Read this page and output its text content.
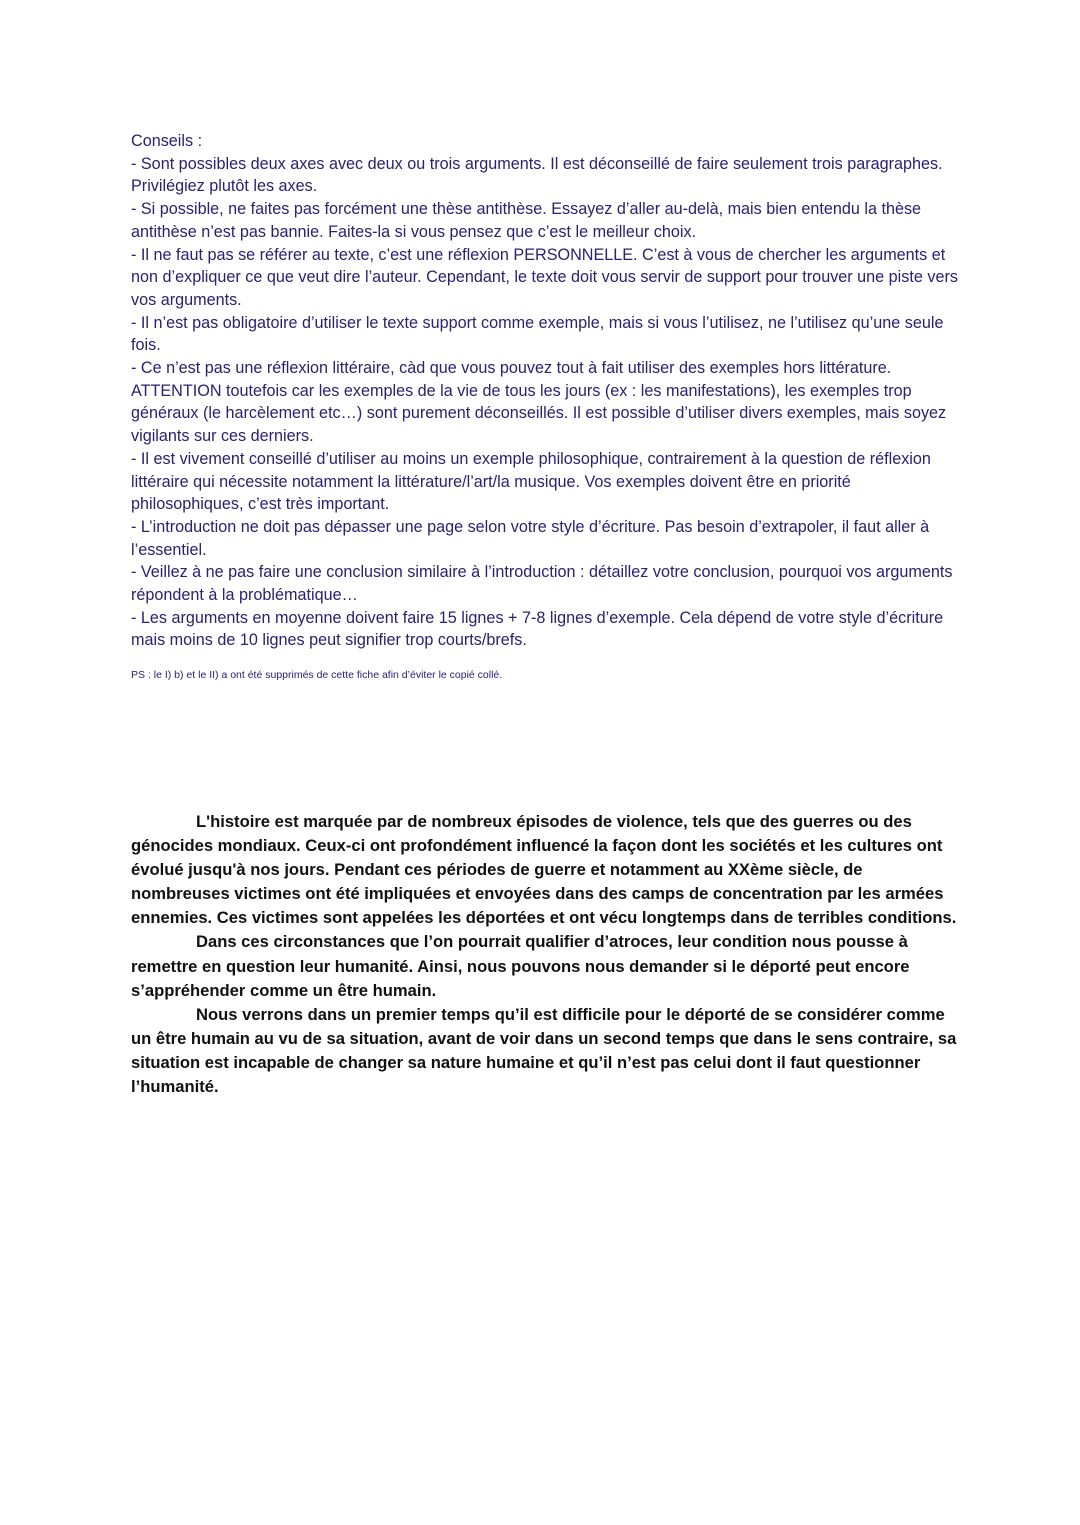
Conseils :

- Sont possibles deux axes avec deux ou trois arguments. Il est déconseillé de faire seulement trois paragraphes. Privilégiez plutôt les axes.

- Si possible, ne faites pas forcément une thèse antithèse. Essayez d’aller au-delà, mais bien entendu la thèse antithèse n’est pas bannie. Faites-la si vous pensez que c’est le meilleur choix.

- Il ne faut pas se référer au texte, c’est une réflexion PERSONNELLE. C’est à vous de chercher les arguments et non d’expliquer ce que veut dire l’auteur. Cependant, le texte doit vous servir de support pour trouver une piste vers vos arguments.

- Il n’est pas obligatoire d’utiliser le texte support comme exemple, mais si vous l’utilisez, ne l’utilisez qu’une seule fois.

- Ce n’est pas une réflexion littéraire, càd que vous pouvez tout à fait utiliser des exemples hors littérature. ATTENTION toutefois car les exemples de la vie de tous les jours (ex : les manifestations), les exemples trop généraux (le harcèlement etc…) sont purement déconseillés. Il est possible d’utiliser divers exemples, mais soyez vigilants sur ces derniers.

- Il est vivement conseillé d’utiliser au moins un exemple philosophique, contrairement à la question de réflexion littéraire qui nécessite notamment la littérature/l’art/la musique. Vos exemples doivent être en priorité philosophiques, c’est très important.

- L’introduction ne doit pas dépasser une page selon votre style d’écriture. Pas besoin d’extrapoler, il faut aller à l’essentiel.

- Veillez à ne pas faire une conclusion similaire à l’introduction : détaillez votre conclusion, pourquoi vos arguments répondent à la problématique…

- Les arguments en moyenne doivent faire 15 lignes + 7-8 lignes d’exemple. Cela dépend de votre style d’écriture mais moins de 10 lignes peut signifier trop courts/brefs.

PS : le I) b) et le II) a ont été supprimés de cette fiche afin d’éviter le copié collé.

L'histoire est marquée par de nombreux épisodes de violence, tels que des guerres ou des génocides mondiaux. Ceux-ci ont profondément influencé la façon dont les sociétés et les cultures ont évolué jusqu'à nos jours. Pendant ces périodes de guerre et notamment au XXème siècle, de nombreuses victimes ont été impliquées et envoyées dans des camps de concentration par les armées ennemies. Ces victimes sont appelées les déportées et ont vécu longtemps dans de terribles conditions.

Dans ces circonstances que l’on pourrait qualifier d’atroces, leur condition nous pousse à remettre en question leur humanité. Ainsi, nous pouvons nous demander si le déporté peut encore s’appréhender comme un être humain.

Nous verrons dans un premier temps qu’il est difficile pour le déporté de se considérer comme un être humain au vu de sa situation, avant de voir dans un second temps que dans le sens contraire, sa situation est incapable de changer sa nature humaine et qu’il n’est pas celui dont il faut questionner l’humanité.
